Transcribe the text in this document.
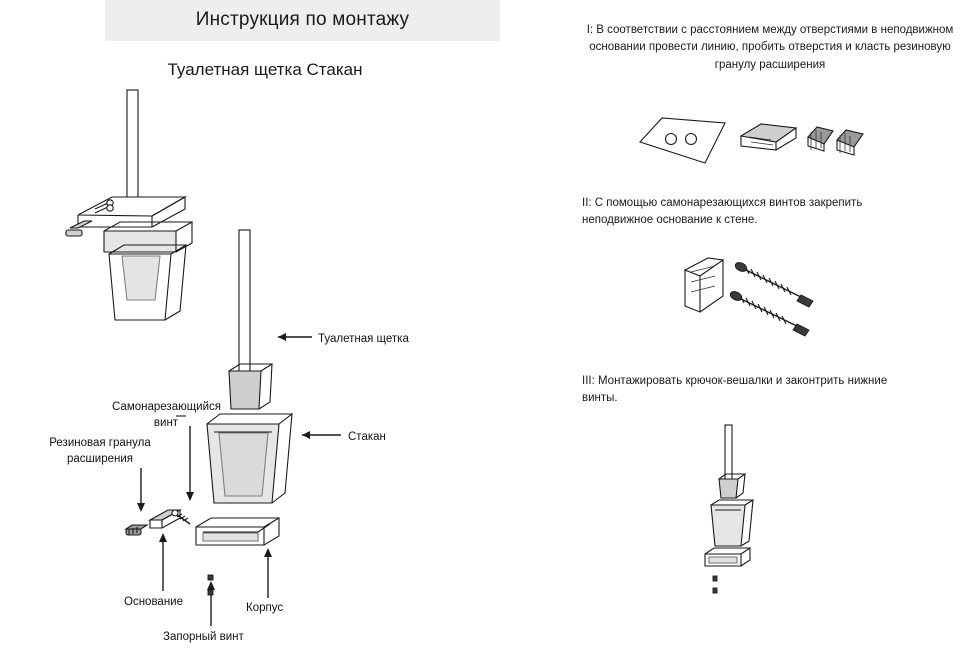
Инструкция по монтажу
Туалетная щетка Стакан
Туалетная щетка
Стакан
Самонарезающийся винт
Резиновая гранула расширения
Основание	Корпус
Запорный винт
I: В соответствии с расстоянием между отверстиями в неподвижном основании провести линию, пробить отверстия и класть резиновую гранулу расширения
II: С помощью самонарезающихся винтов закрепить неподвижное основание к стене.
III: Монтажировать крючок-вешалки и законтрить нижние винты.
